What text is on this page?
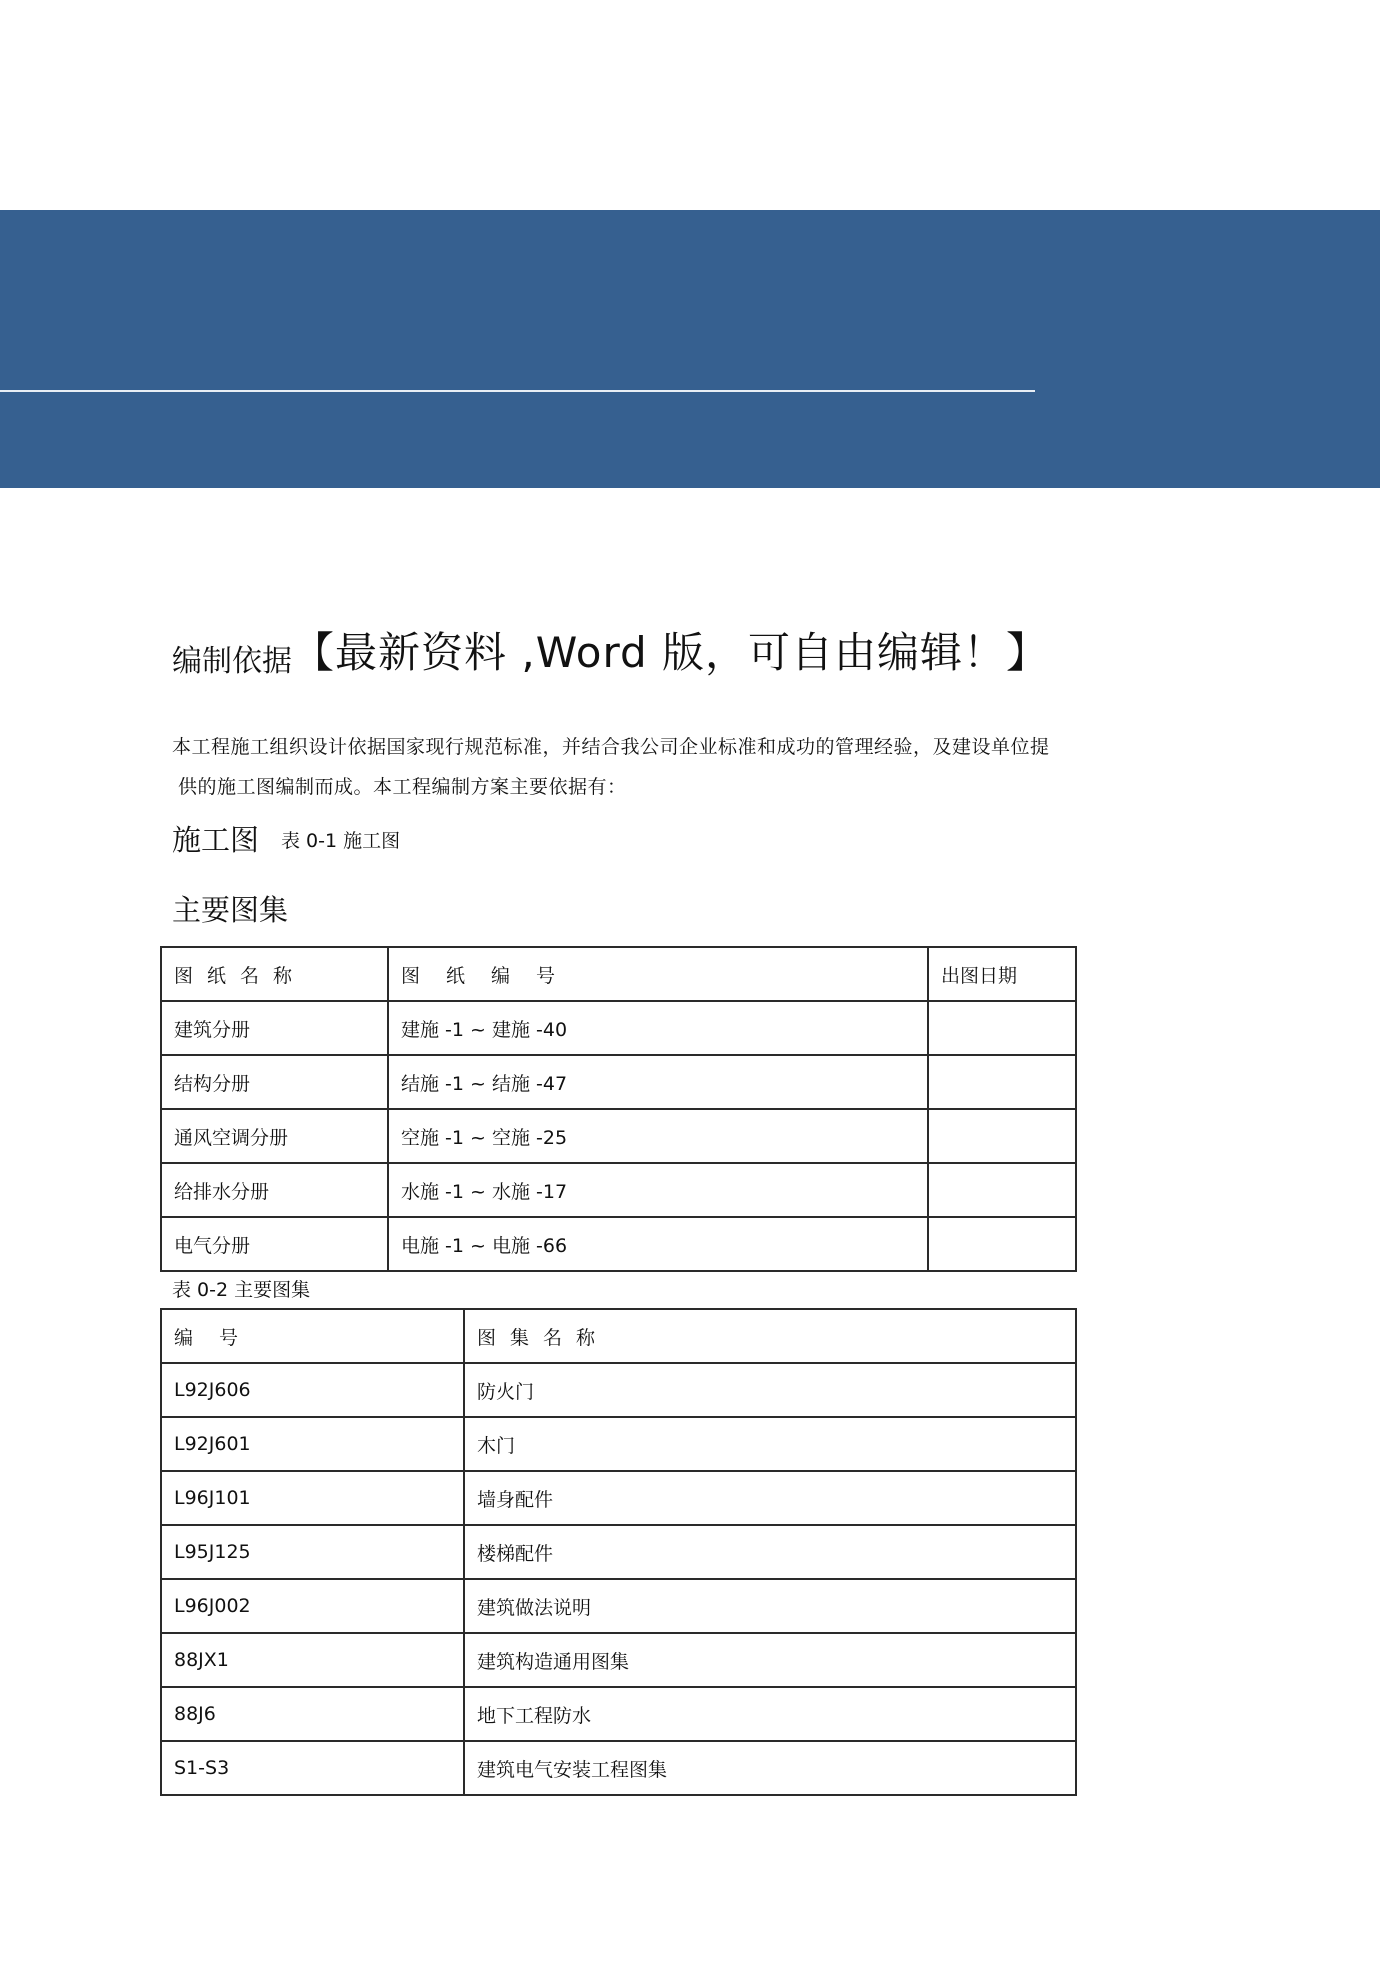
编制依据【最新资料 ,Word 版，可自由编辑！】

本工程施工组织设计依据国家现行规范标准，并结合我公司企业标准和成功的管理经验，及建设单位提

供的施工图编制而成。本工程编制方案主要依据有：

施工图 表 0-1 施工图
主要图集
图纸名称	图纸编号	出图日期
建筑分册	建施 -1 ~ 建施 -40	
结构分册	结施 -1 ~ 结施 -47	
通风空调分册	空施 -1 ~ 空施 -25	
给排水分册	水施 -1 ~ 水施 -17	
电气分册	电施 -1 ~ 电施 -66	
表 0-2 主要图集
编号	图集名称
L92J606	防火门
L92J601	木门
L96J101	墙身配件
L95J125	楼梯配件
L96J002	建筑做法说明
88JX1	建筑构造通用图集
88J6	地下工程防水
S1-S3	建筑电气安装工程图集
